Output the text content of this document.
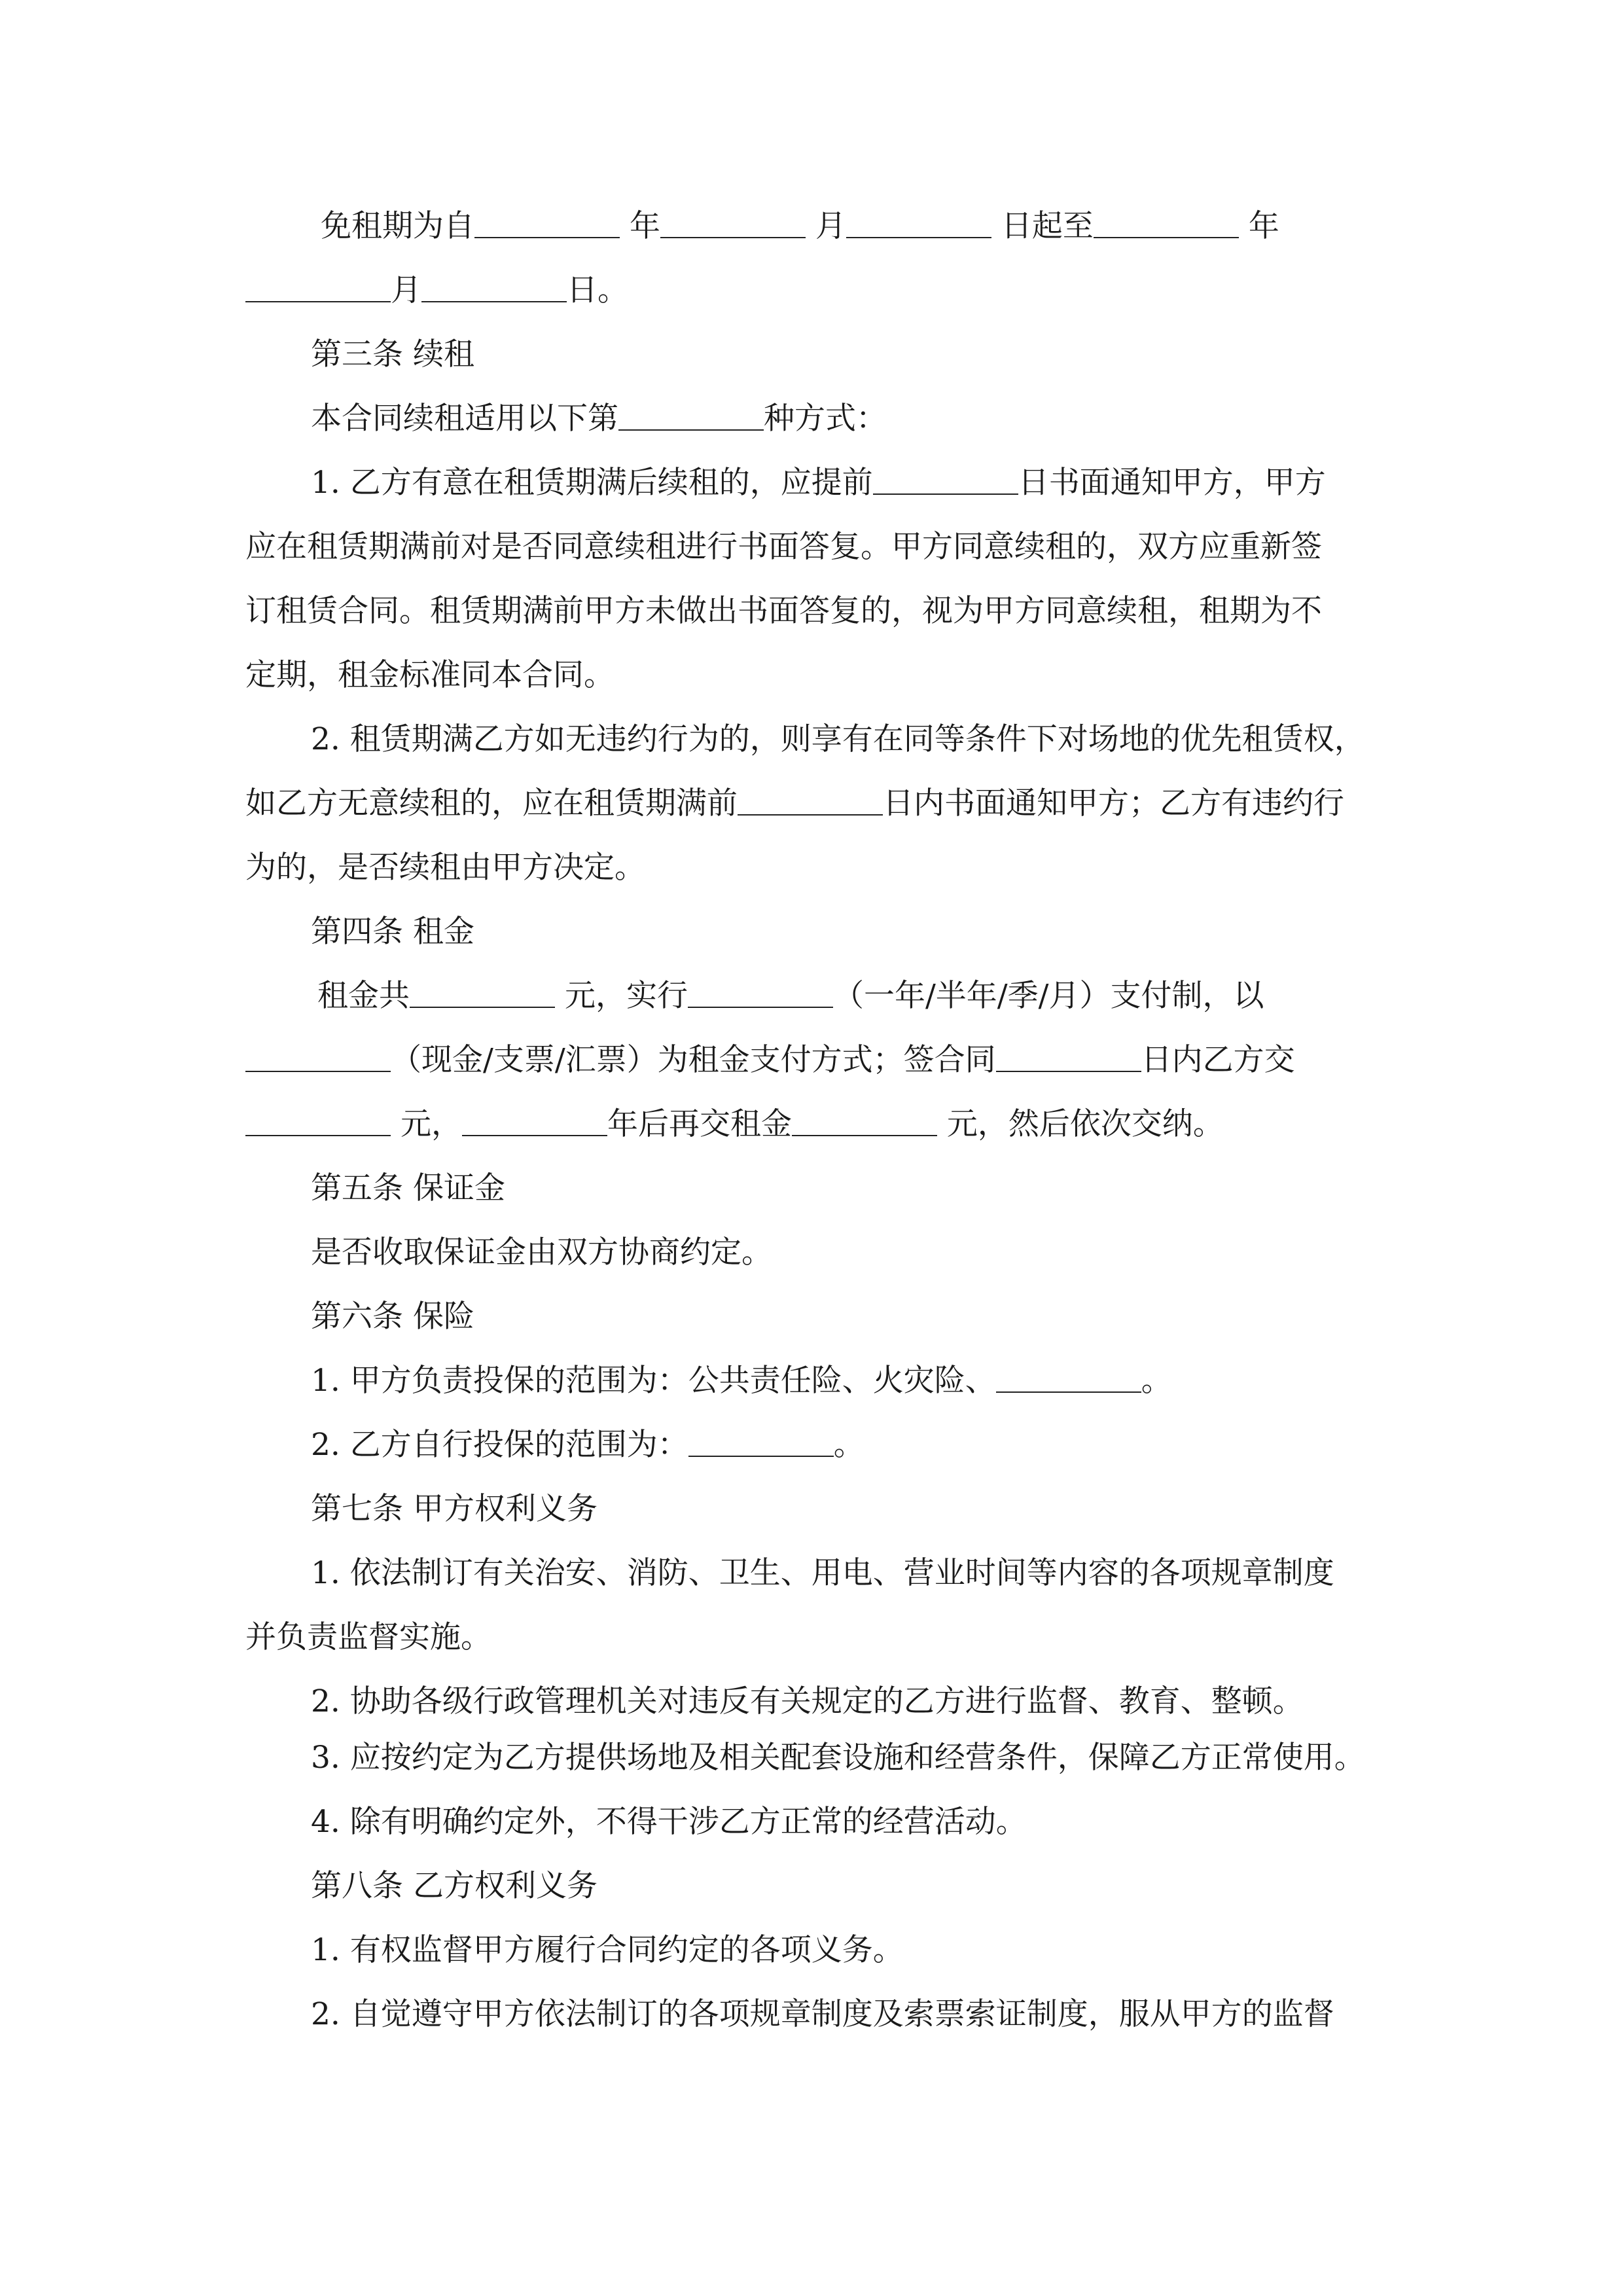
免租期为自　　　　　	年　　　　　	月　　　　　	日起至　　　　　	年
　　　　　月　　　　　	日。
第三条 续租
本合同续租适用以下第　　　　　	种方式：
1. 乙方有意在租赁期满后续租的，应提前　　　　　	日书面通知甲方，甲方
应在租赁期满前对是否同意续租进行书面答复。甲方同意续租的，双方应重新签
订租赁合同。租赁期满前甲方未做出书面答复的，视为甲方同意续租，租期为不
定期，租金标准同本合同。
2. 租赁期满乙方如无违约行为的，则享有在同等条件下对场地的优先租赁权，
如乙方无意续租的，应在租赁期满前　　　　　	日内书面通知甲方；乙方有违约行
为的，是否续租由甲方决定。
第四条 租金
租金共　　　　　	元，实行　　　　　	（一年/半年/季/月）支付制，以
　　　　　（现金/支票/汇票）为租金支付方式；签合同　　　　　	日内乙方交
　　　　　 元，　　　　　	年后再交租金　　　　　	元，然后依次交纳。
第五条 保证金
是否收取保证金由双方协商约定。
第六条 保险
1. 甲方负责投保的范围为：公共责任险、火灾险、　　　　　	。
2. 乙方自行投保的范围为：　　　　　	。
第七条 甲方权利义务
1. 依法制订有关治安、消防、卫生、用电、营业时间等内容的各项规章制度
并负责监督实施。
2. 协助各级行政管理机关对违反有关规定的乙方进行监督、教育、整顿。
3. 应按约定为乙方提供场地及相关配套设施和经营条件，保障乙方正常使用。
4. 除有明确约定外，不得干涉乙方正常的经营活动。
第八条 乙方权利义务
1. 有权监督甲方履行合同约定的各项义务。
2. 自觉遵守甲方依法制订的各项规章制度及索票索证制度，服从甲方的监督
